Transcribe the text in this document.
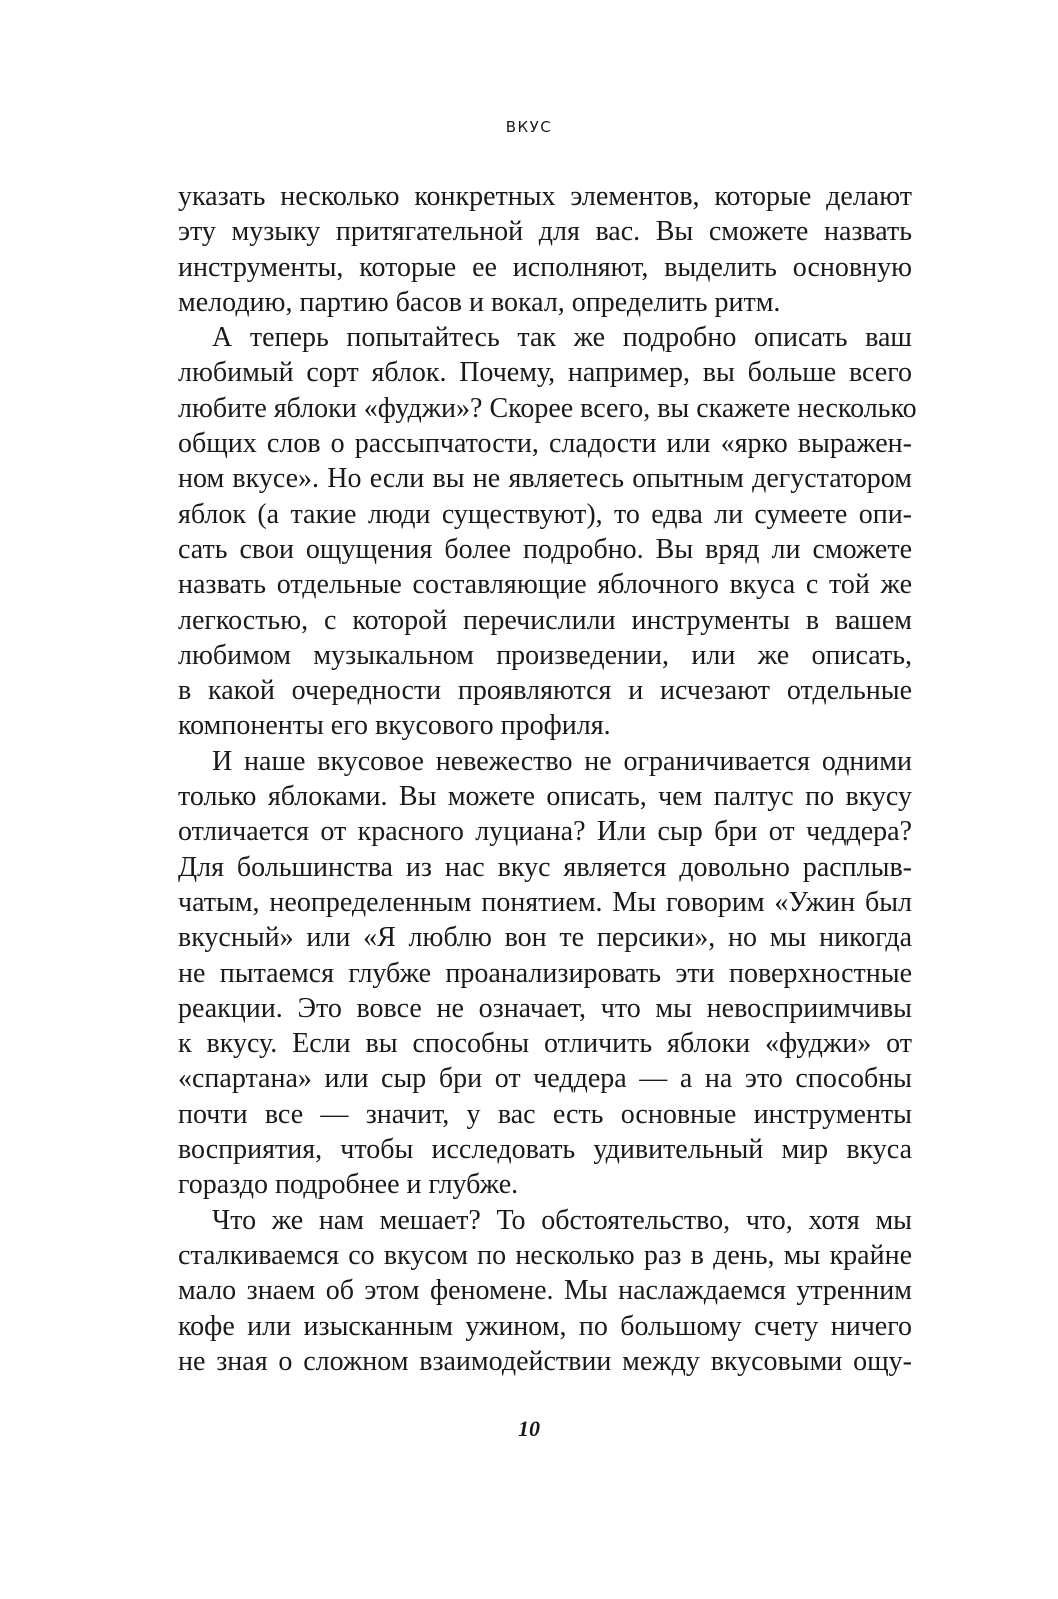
ВКУС
указать несколько конкретных элементов, которые делают
эту музыку притягательной для вас. Вы сможете назвать
инструменты, которые ее исполняют, выделить основную
мелодию, партию басов и вокал, определить ритм.
А теперь попытайтесь так же подробно описать ваш
любимый сорт яблок. Почему, например, вы больше всего
любите яблоки «фуджи»? Скорее всего, вы скажете несколько
общих слов о рассыпчатости, сладости или «ярко выражен-
ном вкусе». Но если вы не являетесь опытным дегустатором
яблок (а такие люди существуют), то едва ли сумеете опи-
сать свои ощущения более подробно. Вы вряд ли сможете
назвать отдельные составляющие яблочного вкуса с той же
легкостью, с которой перечислили инструменты в вашем
любимом музыкальном произведении, или же описать,
в какой очередности проявляются и исчезают отдельные
компоненты его вкусового профиля.
И наше вкусовое невежество не ограничивается одними
только яблоками. Вы можете описать, чем палтус по вкусу
отличается от красного луциана? Или сыр бри от чеддера?
Для большинства из нас вкус является довольно расплыв-
чатым, неопределенным понятием. Мы говорим «Ужин был
вкусный» или «Я люблю вон те персики», но мы никогда
не пытаемся глубже проанализировать эти поверхностные
реакции. Это вовсе не означает, что мы невосприимчивы
к вкусу. Если вы способны отличить яблоки «фуджи» от
«спартана» или сыр бри от чеддера — а на это способны
почти все — значит, у вас есть основные инструменты
восприятия, чтобы исследовать удивительный мир вкуса
гораздо подробнее и глубже.
Что же нам мешает? То обстоятельство, что, хотя мы
сталкиваемся со вкусом по несколько раз в день, мы крайне
мало знаем об этом феномене. Мы наслаждаемся утренним
кофе или изысканным ужином, по большому счету ничего
не зная о сложном взаимодействии между вкусовыми ощу-
10
